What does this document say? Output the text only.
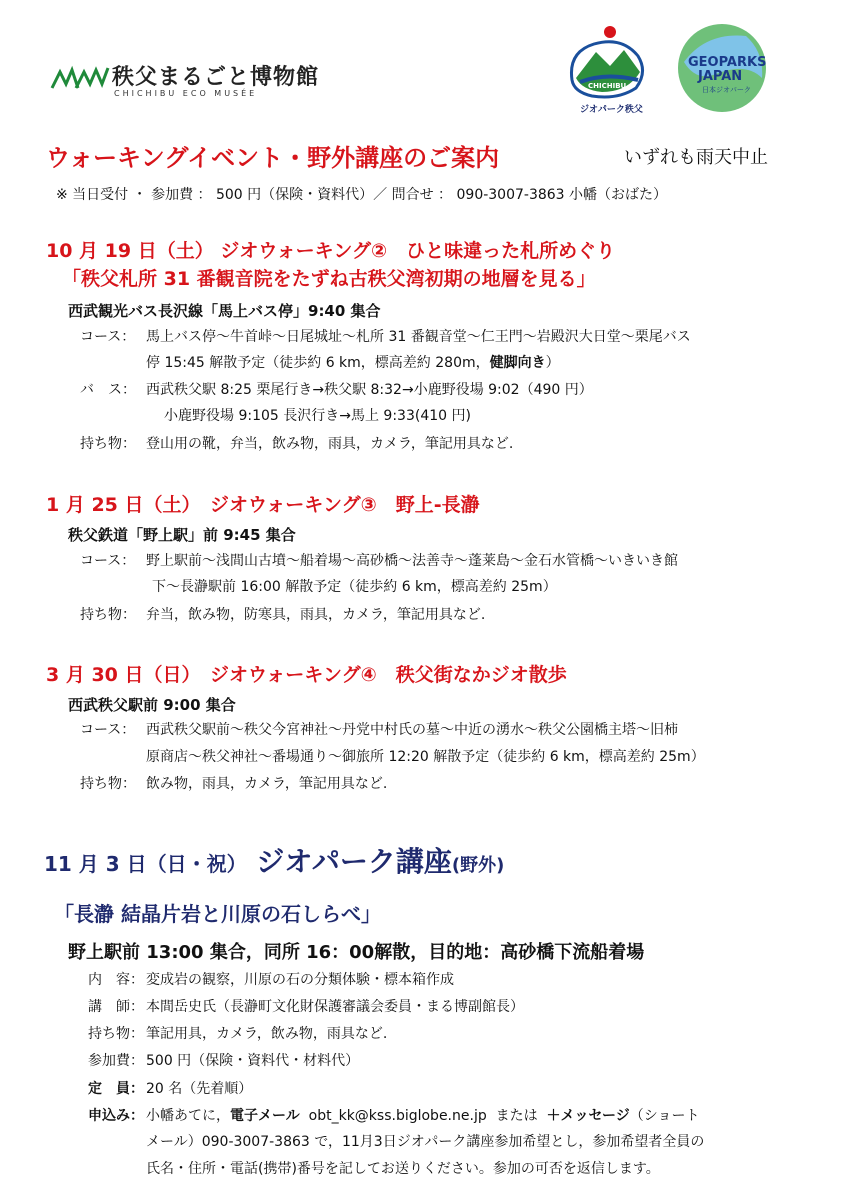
秩父まるごと博物館
CHICHIBU ECO MUSÉE
CHICHIBU
ジオパーク秩父
GEOPARKS
JAPAN
日本ジオパーク
ウォーキングイベント・野外講座のご案内	いずれも雨天中止
※ 当日受付 ・ 参加費 ： 500 円（保険・資料代）／ 問合せ ： 090-3007-3863 小幡（おばた）
10 月 19 日（土） ジオウォーキング②　ひと味違った札所めぐり
「秩父札所 31 番観音院をたずね古秩父湾初期の地層を見る」
西武観光バス長沢線「馬上バス停」9:40 集合
コース： 馬上バス停～牛首峠～日尾城址～札所 31 番観音堂～仁王門～岩殿沢大日堂～栗尾バス
停 15:45 解散予定（徒歩約 6 km，標高差約 280m，健脚向き）
バ　ス： 西武秩父駅 8:25 栗尾行き→秩父駅 8:32→小鹿野役場 9:02（490 円）
小鹿野役場 9:105 長沢行き→馬上 9:33(410 円)
持ち物： 登山用の靴，弁当，飲み物，雨具，カメラ，筆記用具など.
1 月 25 日（土）　ジオウォーキング③　野上-長瀞
秩父鉄道「野上駅」前 9:45 集合
コース： 野上駅前～浅間山古墳～船着場～高砂橋～法善寺～蓬莱島～金石水管橋～いきいき館
下～長瀞駅前 16:00 解散予定（徒歩約 6 km，標高差約 25m）
持ち物： 弁当，飲み物，防寒具，雨具，カメラ，筆記用具など.
3 月 30 日（日）　ジオウォーキング④　秩父街なかジオ散歩
西武秩父駅前 9:00 集合
コース： 西武秩父駅前～秩父今宮神社～丹党中村氏の墓～中近の湧水～秩父公園橋主塔～旧柿
原商店～秩父神社～番場通り～御旅所 12:20 解散予定（徒歩約 6 km，標高差約 25m）
持ち物： 飲み物，雨具，カメラ，筆記用具など.
11 月 3 日（日・祝） ジオパーク講座(野外)
「長瀞 結晶片岩と川原の石しらべ」
野上駅前 13:00 集合，同所 16：00解散，目的地：高砂橋下流船着場
内　容： 変成岩の観察，川原の石の分類体験・標本箱作成
講　師： 本間岳史氏（長瀞町文化財保護審議会委員・まる博副館長）
持ち物： 筆記用具，カメラ，飲み物，雨具など.
参加費： 500 円（保険・資料代・材料代）
定　員： 20 名（先着順）
申込み： 小幡あてに，電子メール obt_kk@kss.biglobe.ne.jp または ＋メッセージ（ショート
メール）090-3007-3863 で，11月3日ジオパーク講座参加希望とし，参加希望者全員の
氏名・住所・電話(携帯)番号を記してお送りください。参加の可否を返信します。
